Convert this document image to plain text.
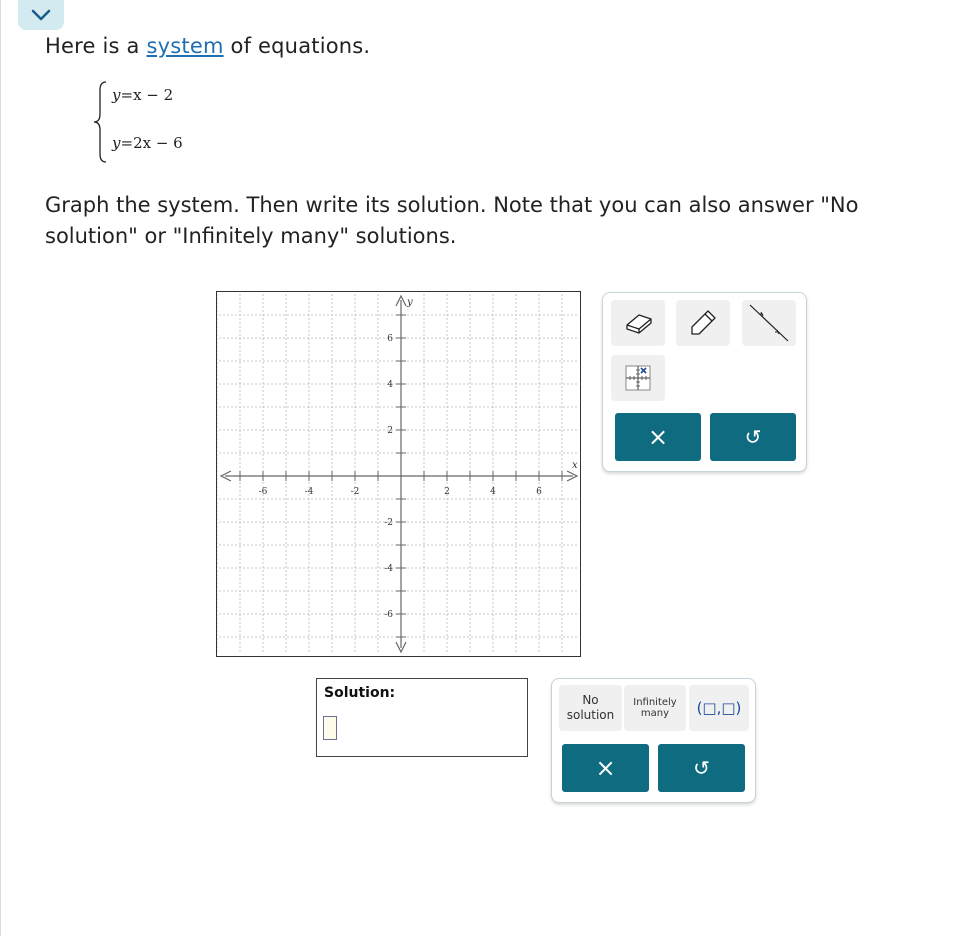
Here is a system of equations.
y=x − 2
y=2x − 6
Graph the system. Then write its solution. Note that you can also answer "No
solution" or "Infinitely many" solutions.
-6	-4	-2	2	4	6
6
4
2
-2
-4
-6
x
y
×	↺
Solution:	No
solution
Infinitely
many	(□,□)
×	↺
